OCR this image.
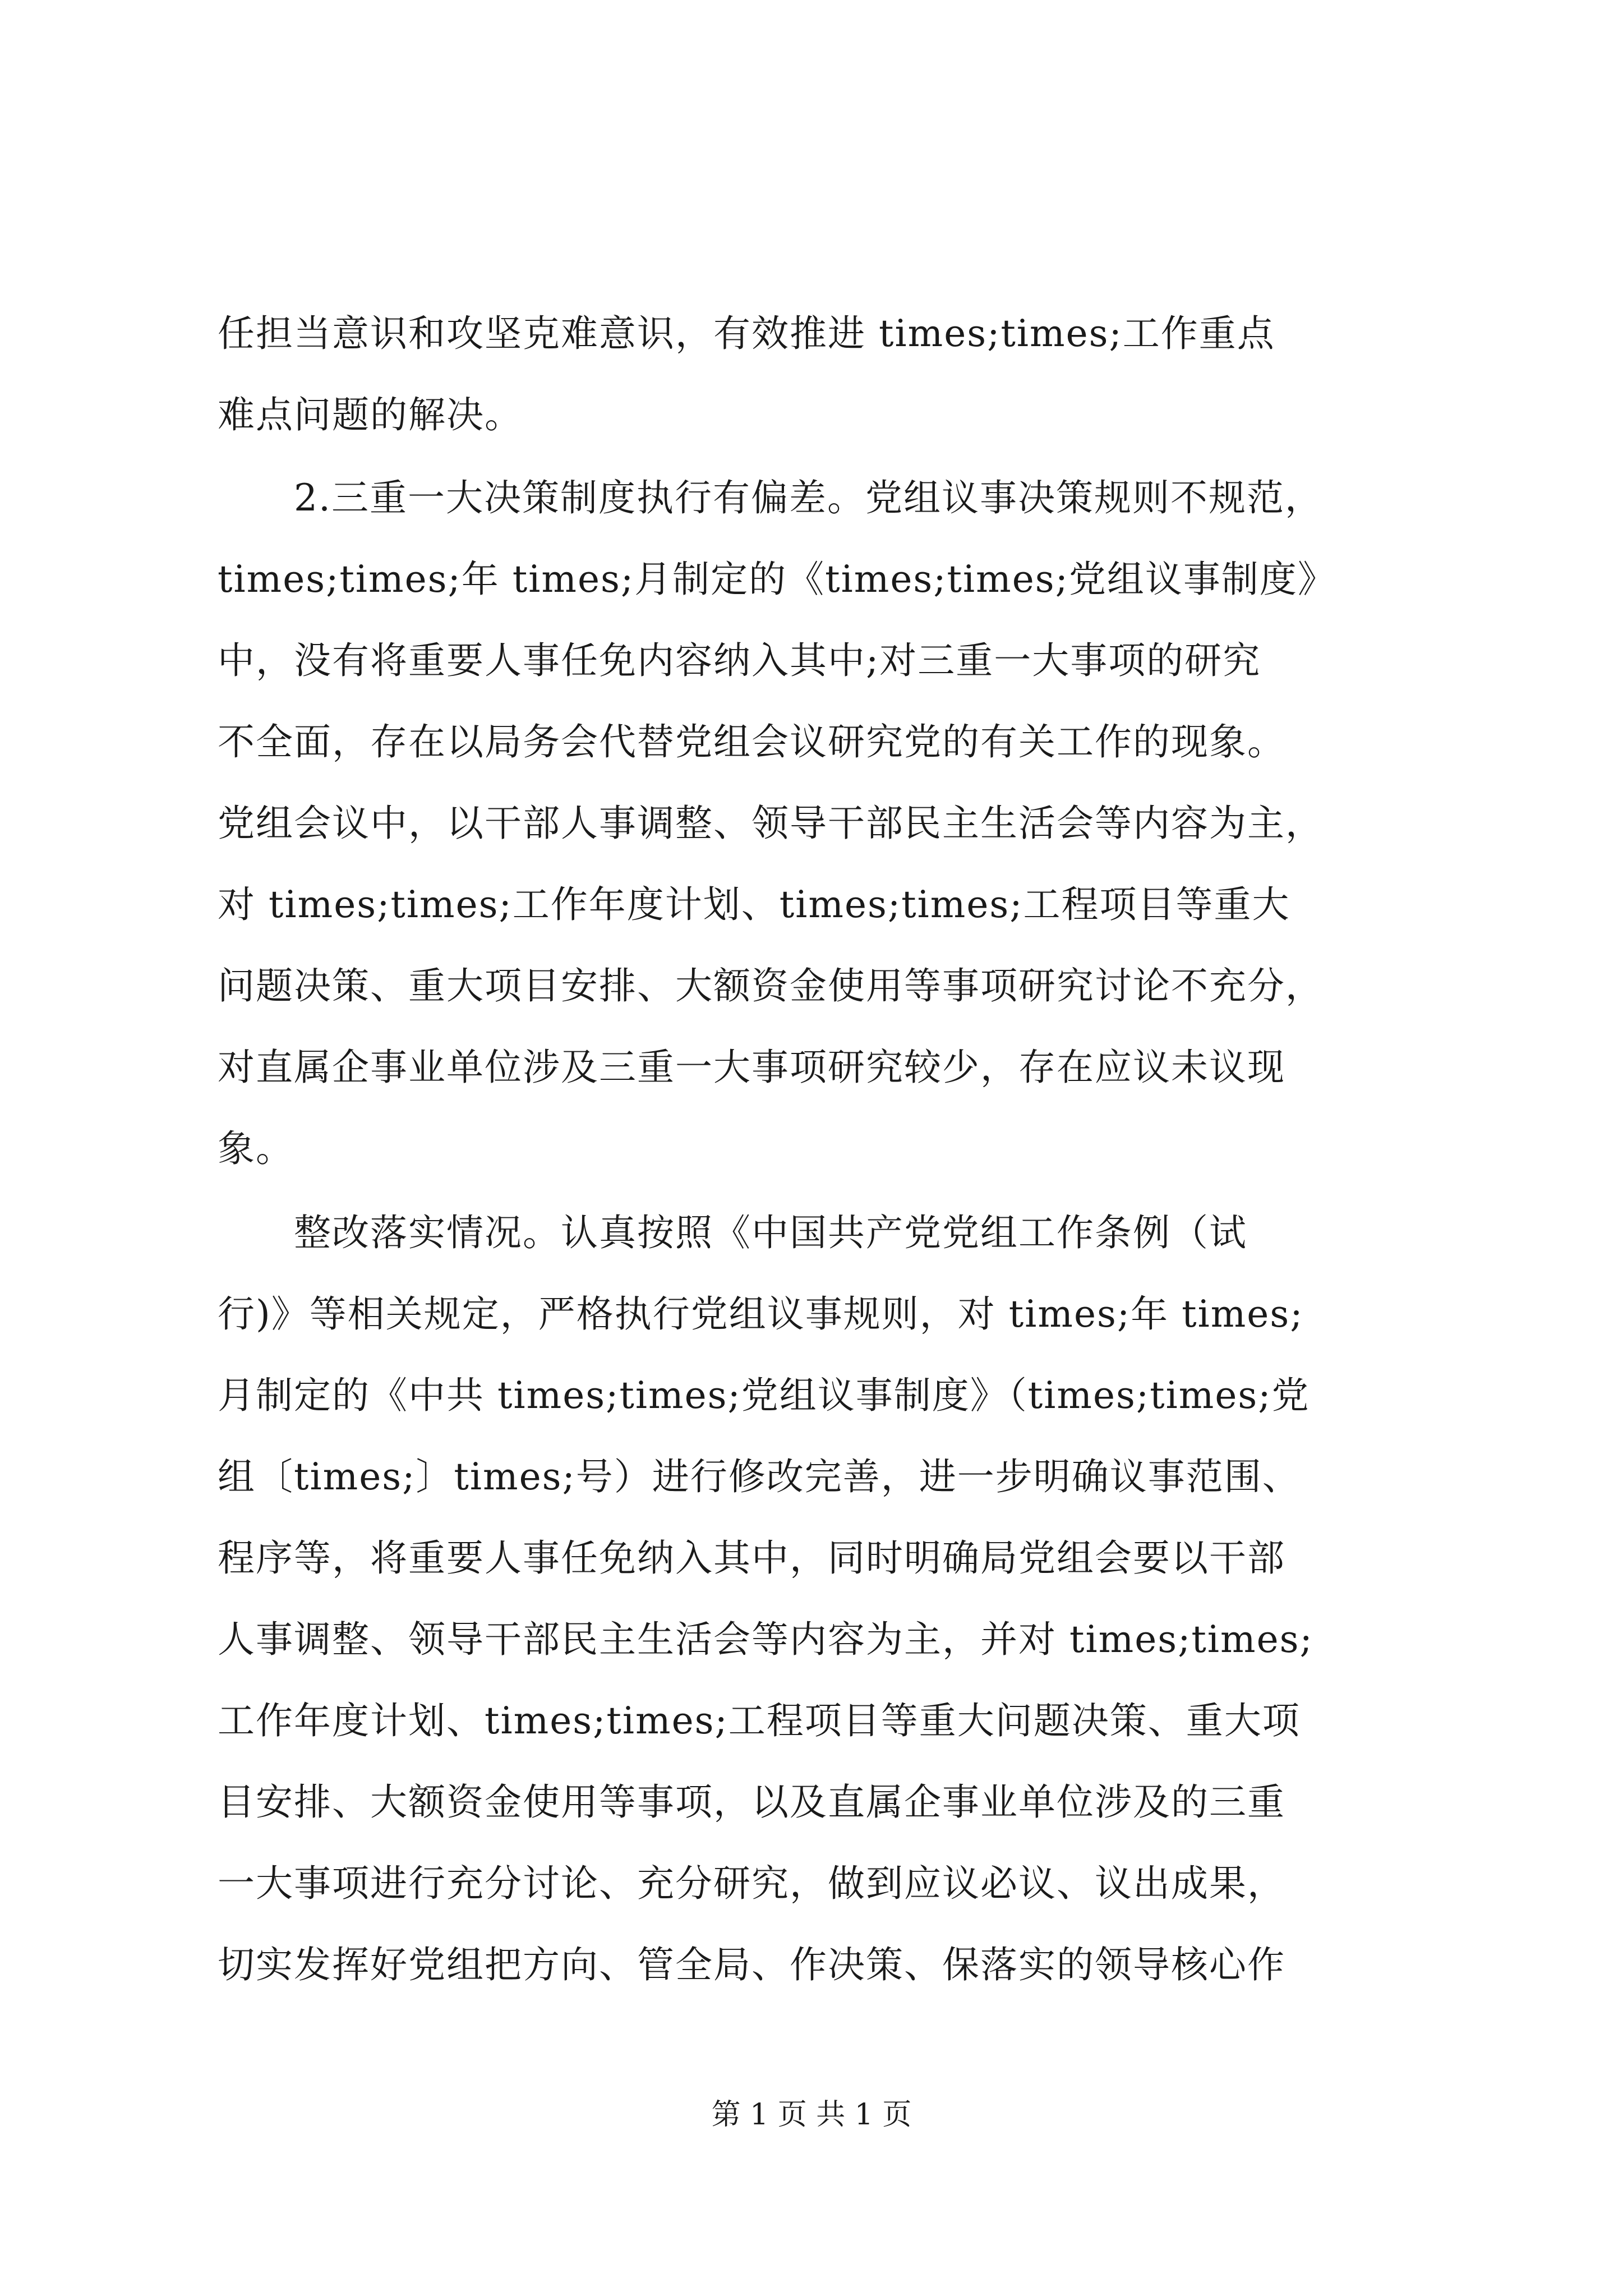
任担当意识和攻坚克难意识，有效推进 times;times;工作重点

难点问题的解决。

　　2.三重一大决策制度执行有偏差。党组议事决策规则不规范，

times;times;年 times;月制定的《times;times;党组议事制度》

中，没有将重要人事任免内容纳入其中;对三重一大事项的研究

不全面，存在以局务会代替党组会议研究党的有关工作的现象。

党组会议中，以干部人事调整、领导干部民主生活会等内容为主，

对 times;times;工作年度计划、times;times;工程项目等重大

问题决策、重大项目安排、大额资金使用等事项研究讨论不充分，

对直属企事业单位涉及三重一大事项研究较少，存在应议未议现

象。

　　整改落实情况。认真按照《中国共产党党组工作条例（试

行)》等相关规定，严格执行党组议事规则，对 times;年 times;

月制定的《中共 times;times;党组议事制度》（times;times;党

组〔times;〕times;号）进行修改完善，进一步明确议事范围、

程序等，将重要人事任免纳入其中，同时明确局党组会要以干部

人事调整、领导干部民主生活会等内容为主，并对 times;times;

工作年度计划、times;times;工程项目等重大问题决策、重大项

目安排、大额资金使用等事项，以及直属企事业单位涉及的三重

一大事项进行充分讨论、充分研究，做到应议必议、议出成果，

切实发挥好党组把方向、管全局、作决策、保落实的领导核心作

第 1 页 共 1 页
